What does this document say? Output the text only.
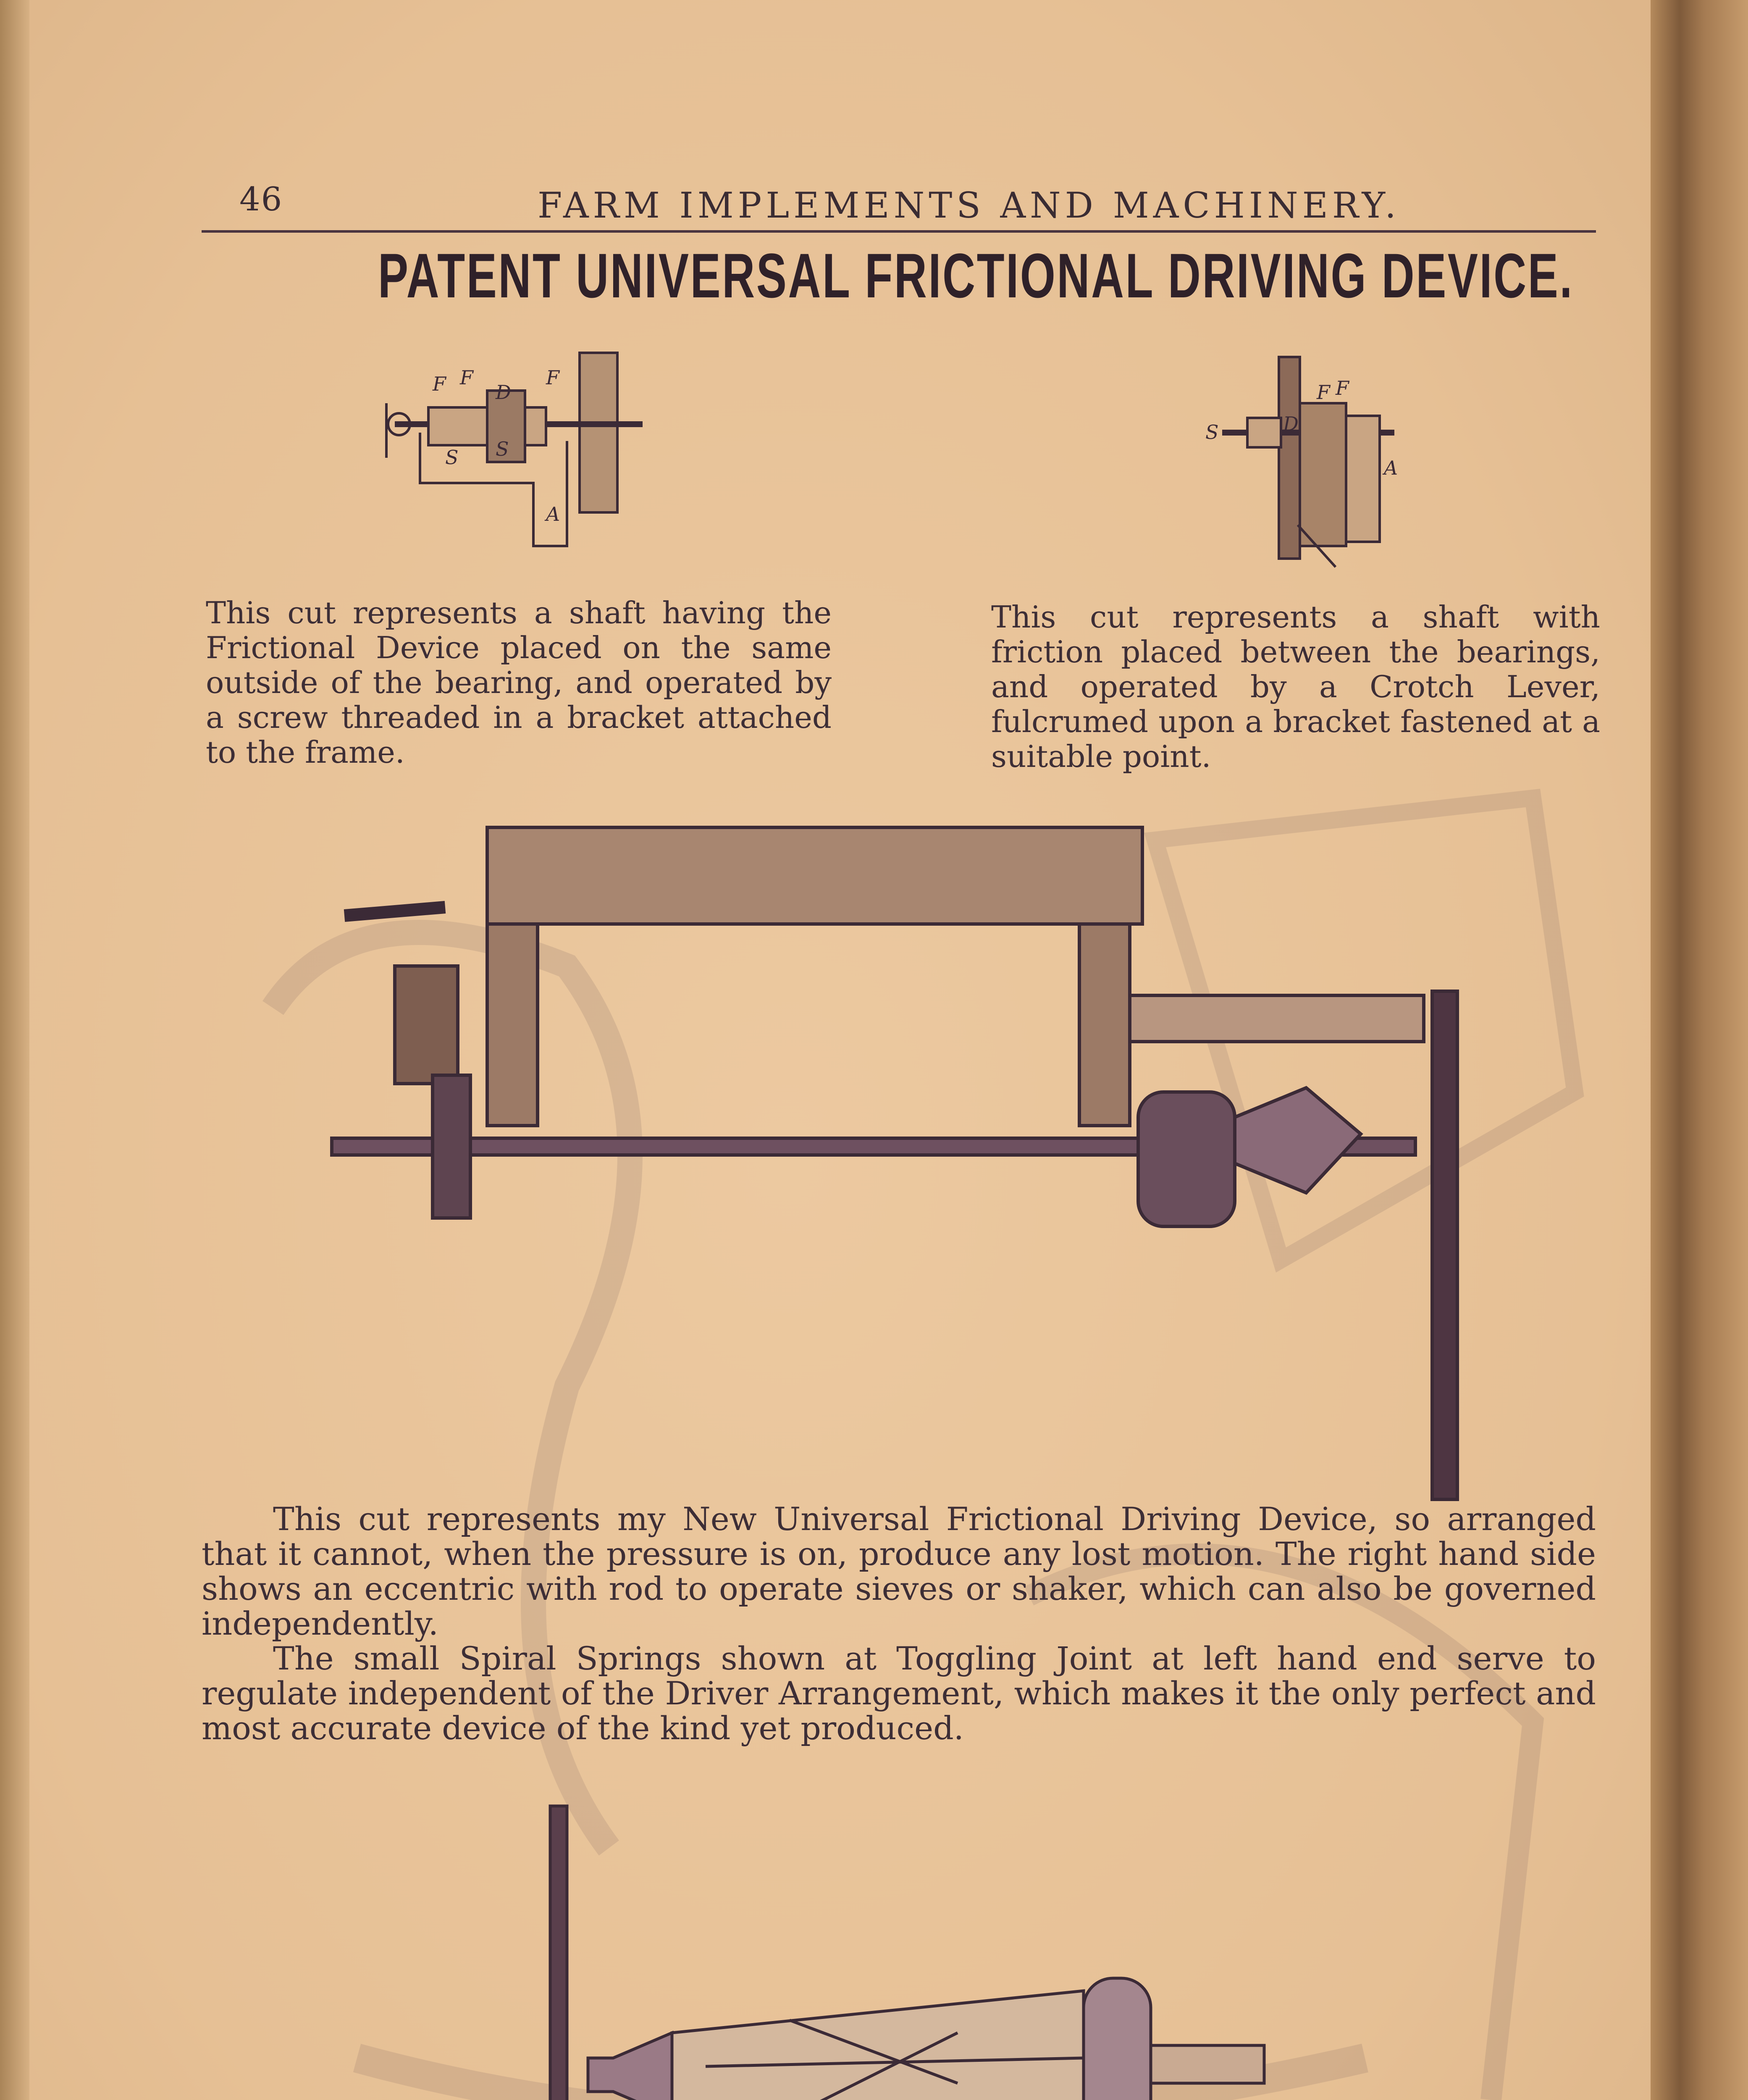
46	FARM IMPLEMENTS AND MACHINERY.
PATENT UNIVERSAL FRICTIONAL DRIVING DEVICE.
F F
D
F
S S
A
This cut represents a shaft having the Frictional Device placed on the same outside of the bearing, and operated by a screw threaded in a bracket attached to the frame.
S	D
F F
A
This cut represents a shaft with friction placed between the bearings, and operated by a Crotch Lever, fulcrumed upon a bracket fastened at a suitable point.

This cut represents my New Universal Frictional Driving Device, so arranged that it cannot, when the pressure is on, produce any lost motion. The right hand side shows an eccentric with rod to operate sieves or shaker, which can also be governed independently.

The small Spiral Springs shown at Toggling Joint at left hand end serve to regulate independent of the Driver Arrangement, which makes it the only perfect and most accurate device of the kind yet produced.
